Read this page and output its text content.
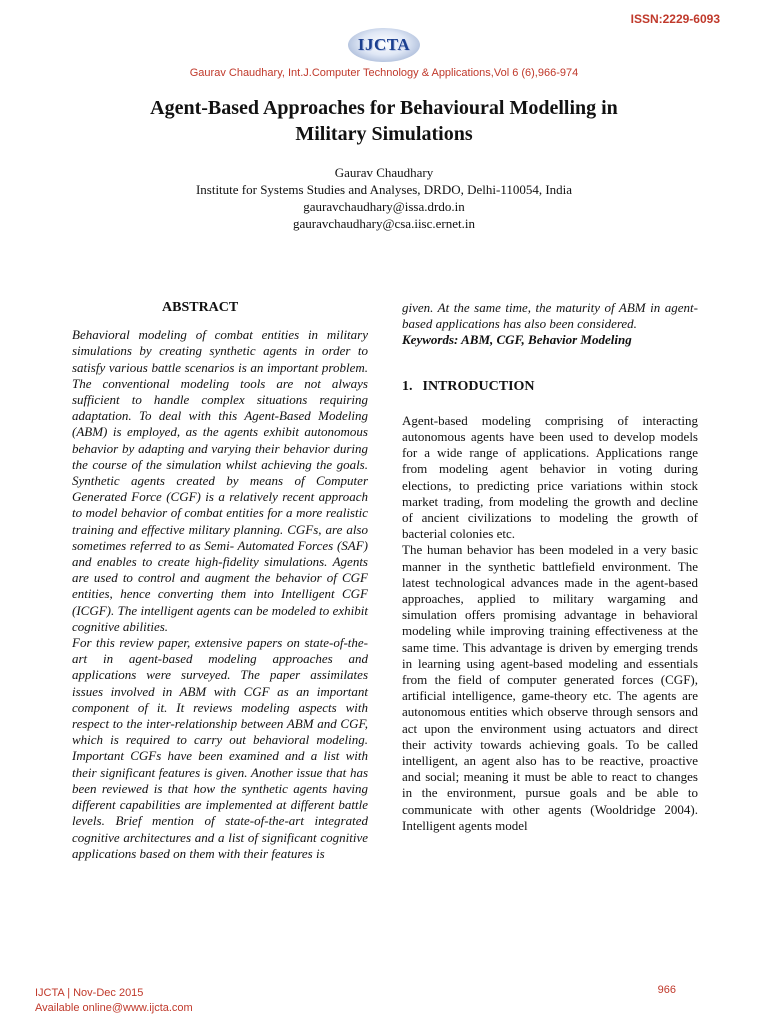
ISSN:2229-6093
IJCTA
Gaurav Chaudhary, Int.J.Computer Technology & Applications,Vol 6 (6),966-974
Agent-Based Approaches for Behavioural Modelling in
Military Simulations
Gaurav Chaudhary
Institute for Systems Studies and Analyses, DRDO, Delhi-110054, India
gauravchaudhary@issa.drdo.in
gauravchaudhary@csa.iisc.ernet.in

ABSTRACT

Behavioral modeling of combat entities in military simulations by creating synthetic agents in order to satisfy various battle scenarios is an important problem. The conventional modeling tools are not always sufficient to handle complex situations requiring adaptation. To deal with this Agent-Based Modeling (ABM) is employed, as the agents exhibit autonomous behavior by adapting and varying their behavior during the course of the simulation whilst achieving the goals. Synthetic agents created by means of Computer Generated Force (CGF) is a relatively recent approach to model behavior of combat entities for a more realistic training and effective military planning. CGFs, are also sometimes referred to as Semi- Automated Forces (SAF) and enables to create high-fidelity simulations. Agents are used to control and augment the behavior of CGF entities, hence converting them into Intelligent CGF (ICGF). The intelligent agents can be modeled to exhibit cognitive abilities.

For this review paper, extensive papers on state-of-the-art in agent-based modeling approaches and applications were surveyed. The paper assimilates issues involved in ABM with CGF as an important component of it. It reviews modeling aspects with respect to the inter-relationship between ABM and CGF, which is required to carry out behavioral modeling. Important CGFs have been examined and a list with their significant features is given. Another issue that has been reviewed is that how the synthetic agents having different capabilities are implemented at different battle levels. Brief mention of state-of-the-art integrated cognitive architectures and a list of significant cognitive applications based on them with their features is

given. At the same time, the maturity of ABM in agent-based applications has also been considered.

Keywords: ABM, CGF, Behavior Modeling

1. INTRODUCTION

Agent-based modeling comprising of interacting autonomous agents have been used to develop models for a wide range of applications. Applications range from modeling agent behavior in voting during elections, to predicting price variations within stock market trading, from modeling the growth and decline of ancient civilizations to modeling the growth of bacterial colonies etc.

The human behavior has been modeled in a very basic manner in the synthetic battlefield environment. The latest technological advances made in the agent-based approaches, applied to military wargaming and simulation offers promising advantage in behavioral modeling while improving training effectiveness at the same time. This advantage is driven by emerging trends in learning using agent-based modeling and essentials from the field of computer generated forces (CGF), artificial intelligence, game-theory etc. The agents are autonomous entities which observe through sensors and act upon the environment using actuators and direct their activity towards achieving goals. To be called intelligent, an agent also has to be reactive, proactive and social; meaning it must be able to react to changes in the environment, pursue goals and be able to communicate with other agents (Wooldridge 2004). Intelligent agents model

IJCTA | Nov-Dec 2015
Available online@www.ijcta.com
966
